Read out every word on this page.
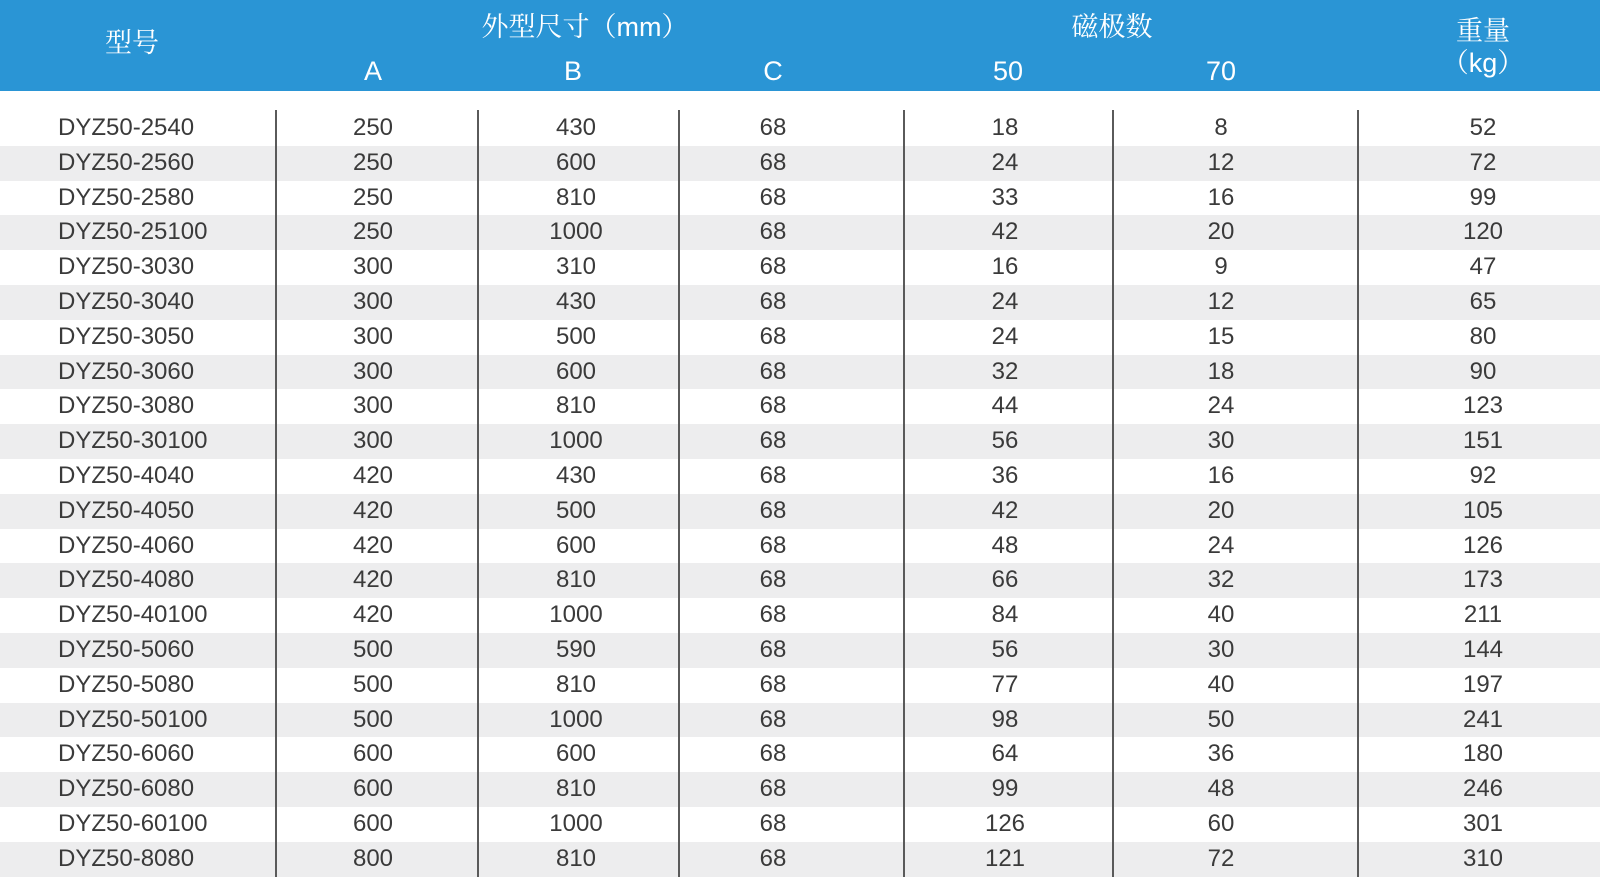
型号
外型尺寸（mm）
A	B	C
磁极数
50	70
重量
（kg）
DYZ50-2540	250	430	68	18	8	52
DYZ50-2560	250	600	68	24	12	72
DYZ50-2580	250	810	68	33	16	99
DYZ50-25100	250	1000	68	42	20	120
DYZ50-3030	300	310	68	16	9	47
DYZ50-3040	300	430	68	24	12	65
DYZ50-3050	300	500	68	24	15	80
DYZ50-3060	300	600	68	32	18	90
DYZ50-3080	300	810	68	44	24	123
DYZ50-30100	300	1000	68	56	30	151
DYZ50-4040	420	430	68	36	16	92
DYZ50-4050	420	500	68	42	20	105
DYZ50-4060	420	600	68	48	24	126
DYZ50-4080	420	810	68	66	32	173
DYZ50-40100	420	1000	68	84	40	211
DYZ50-5060	500	590	68	56	30	144
DYZ50-5080	500	810	68	77	40	197
DYZ50-50100	500	1000	68	98	50	241
DYZ50-6060	600	600	68	64	36	180
DYZ50-6080	600	810	68	99	48	246
DYZ50-60100	600	1000	68	126	60	301
DYZ50-8080	800	810	68	121	72	310
